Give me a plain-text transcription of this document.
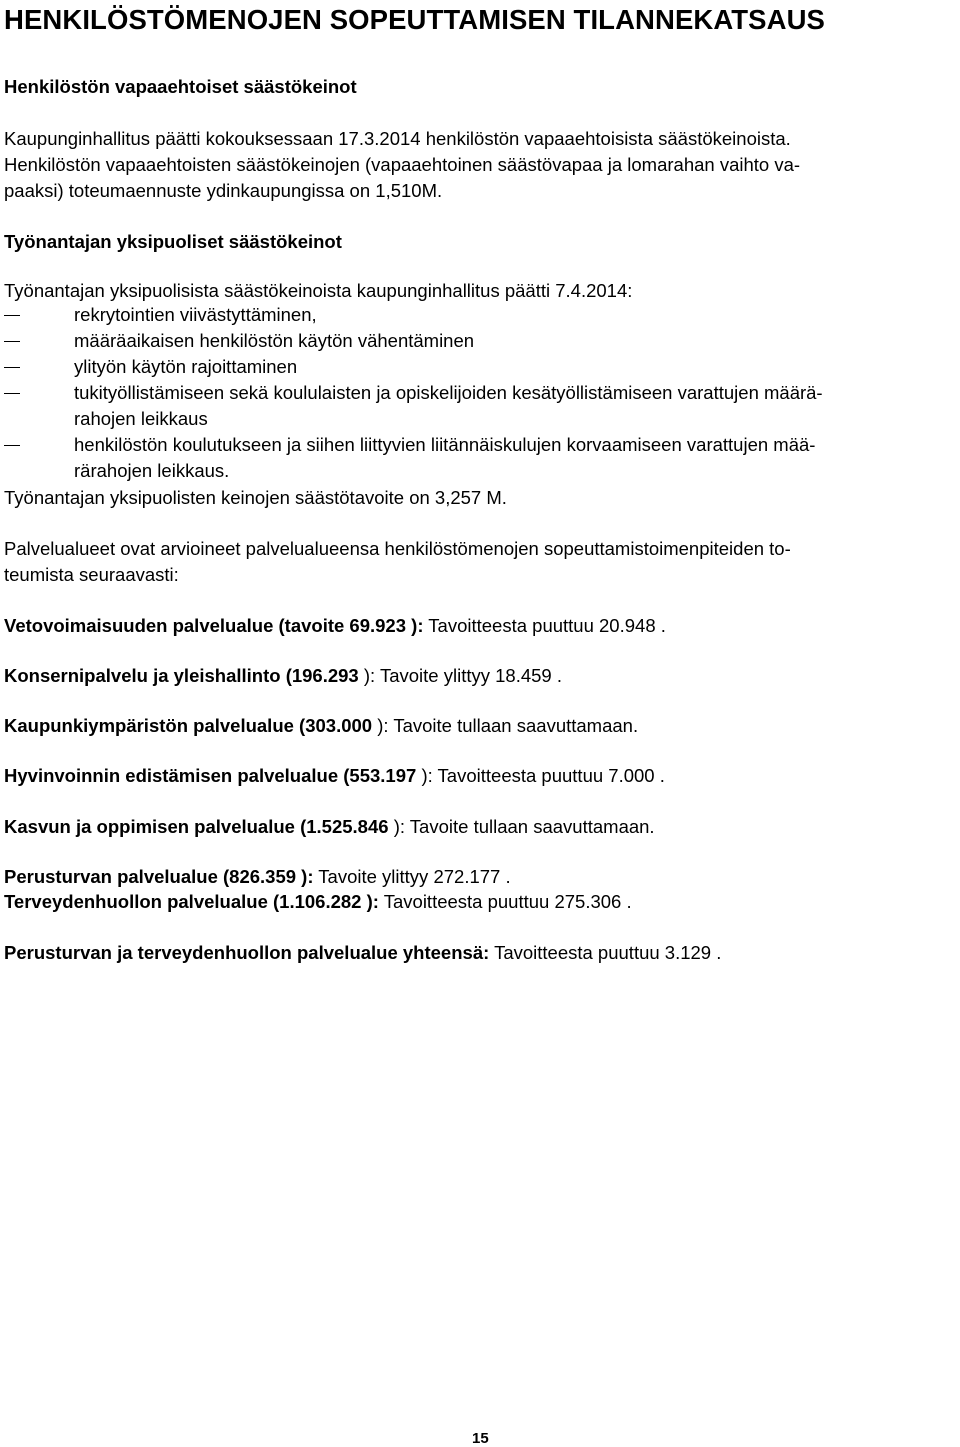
HENKILÖSTÖMENOJEN SOPEUTTAMISEN TILANNEKATSAUS
Henkilöstön vapaaehtoiset säästökeinot
Kaupunginhallitus päätti kokouksessaan 17.3.2014 henkilöstön vapaaehtoisista säästökeinoista.
Henkilöstön vapaaehtoisten säästökeinojen (vapaaehtoinen säästövapaa ja lomarahan vaihto va-
paaksi) toteumaennuste ydinkaupungissa on 1,510M.
Työnantajan yksipuoliset säästökeinot
Työnantajan yksipuolisista säästökeinoista kaupunginhallitus päätti 7.4.2014:
rekrytointien viivästyttäminen,
määräaikaisen henkilöstön käytön vähentäminen
ylityön käytön rajoittaminen
tukityöllistämiseen sekä koululaisten ja opiskelijoiden kesätyöllistämiseen varattujen määrä-
rahojen leikkaus
henkilöstön koulutukseen ja siihen liittyvien liitännäiskulujen korvaamiseen varattujen mää-
rärahojen leikkaus.
Työnantajan yksipuolisten keinojen säästötavoite on 3,257 M.
Palvelualueet ovat arvioineet palvelualueensa henkilöstömenojen sopeuttamistoimenpiteiden to-
teumista seuraavasti:
Vetovoimaisuuden palvelualue (tavoite 69.923 ): Tavoitteesta puuttuu 20.948 .
Konsernipalvelu ja yleishallinto (196.293 ): Tavoite ylittyy 18.459 .
Kaupunkiympäristön palvelualue (303.000 ): Tavoite tullaan saavuttamaan.
Hyvinvoinnin edistämisen palvelualue (553.197 ): Tavoitteesta puuttuu 7.000 .
Kasvun ja oppimisen palvelualue (1.525.846 ): Tavoite tullaan saavuttamaan.
Perusturvan palvelualue (826.359 ): Tavoite ylittyy 272.177 .
Terveydenhuollon palvelualue (1.106.282 ): Tavoitteesta puuttuu 275.306 .
Perusturvan ja terveydenhuollon palvelualue yhteensä: Tavoitteesta puuttuu 3.129 .
15
